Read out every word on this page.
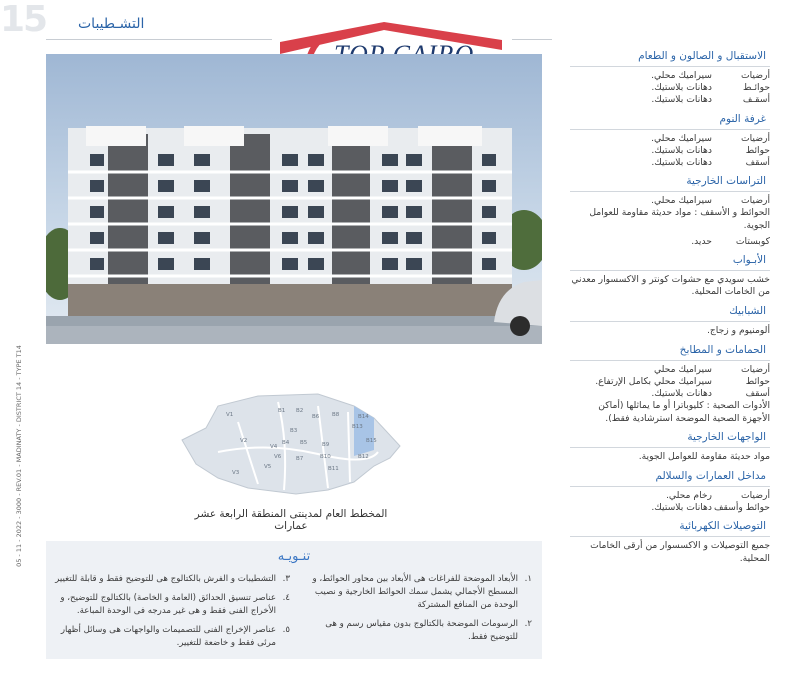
15 التشـطيبات
05 - 11 - 2022 - 3000 - REV.01 - MADINATY - DISTRICT 14 - TYPE T14	V1
B1 B2
B3
B4 B5
B6
B7
B8
B9
B10
B11
B12
B13
B14
B15
V2
V3
V4
V5
V6
المخطط العام لمدينتى المنطقة الرابعة عشر عمارات
تنـويـه
١.
الأبعاد الموضحة للفراغات هى الأبعاد بين محاور الحوائط، و المسطح الأجمالي يشمل سمك الحوائط الخارجية و نصيب الوحدة من المنافع المشتركة
٢.
الرسومات الموضحة بالكتالوج بدون مقياس رسم و هى للتوضيح فقط.
٣.
التشطيبات و الفرش بالكتالوج هى للتوضيح فقط و قابلة للتغيير
٤.
عناصر تنسيق الحدائق (العامة و الخاصة) بالكتالوج للتوضيح، و الأخراج الفنى فقط و هى غير مدرجه فى الوحدة المباعة.
٥.
عناصر الإخراج الفنى للتصميمات والواجهات هى وسائل أظهار مرئى فقط و خاضعة للتغيير.
الاستقبال و الصالون و الطعام
أرضيات
سيراميك محلي.
حوائـط
دهانات بلاستيك.
أسقـف
دهانات بلاستيك.
غرفة النوم
أرضيات
سيراميك محلي.
حوائط
دهانات بلاستيك.
أسقف
دهانات بلاستيك.
التراسات الخارجية
أرضيات
سيراميك محلي.
الحوائط و الأسقف : مواد حديثة مقاومة للعوامل الجوية.
كوبستات
حديد.
الأبـواب
خشب سويدي مع حشوات كونتر و الاكسسوار معدني من الخامات المحلية.
الشبابيك
ألومنيوم و زجاج.
الحمامات و المطابخ
أرضيات
سيراميك محلي
حوائط
سيراميك محلي بكامل الإرتفاع.
أسقف
دهانات بلاستيك.
الأدوات الصحية : كليوباترا أو ما يماثلها (أماكن الأجهزة الصحية الموضحة استرشادية فقط).
الواجهات الخارجية
مواد حديثة مقاومة للعوامل الجوية.
مداخل العمارات والسلالم
أرضيات
رخام محلي.
حوائط وأسقف
دهانات بلاستيك.
التوصيلات الكهربائية
جميع التوصيلات و الاكسسوار من أرقى الخامات المحلية.
